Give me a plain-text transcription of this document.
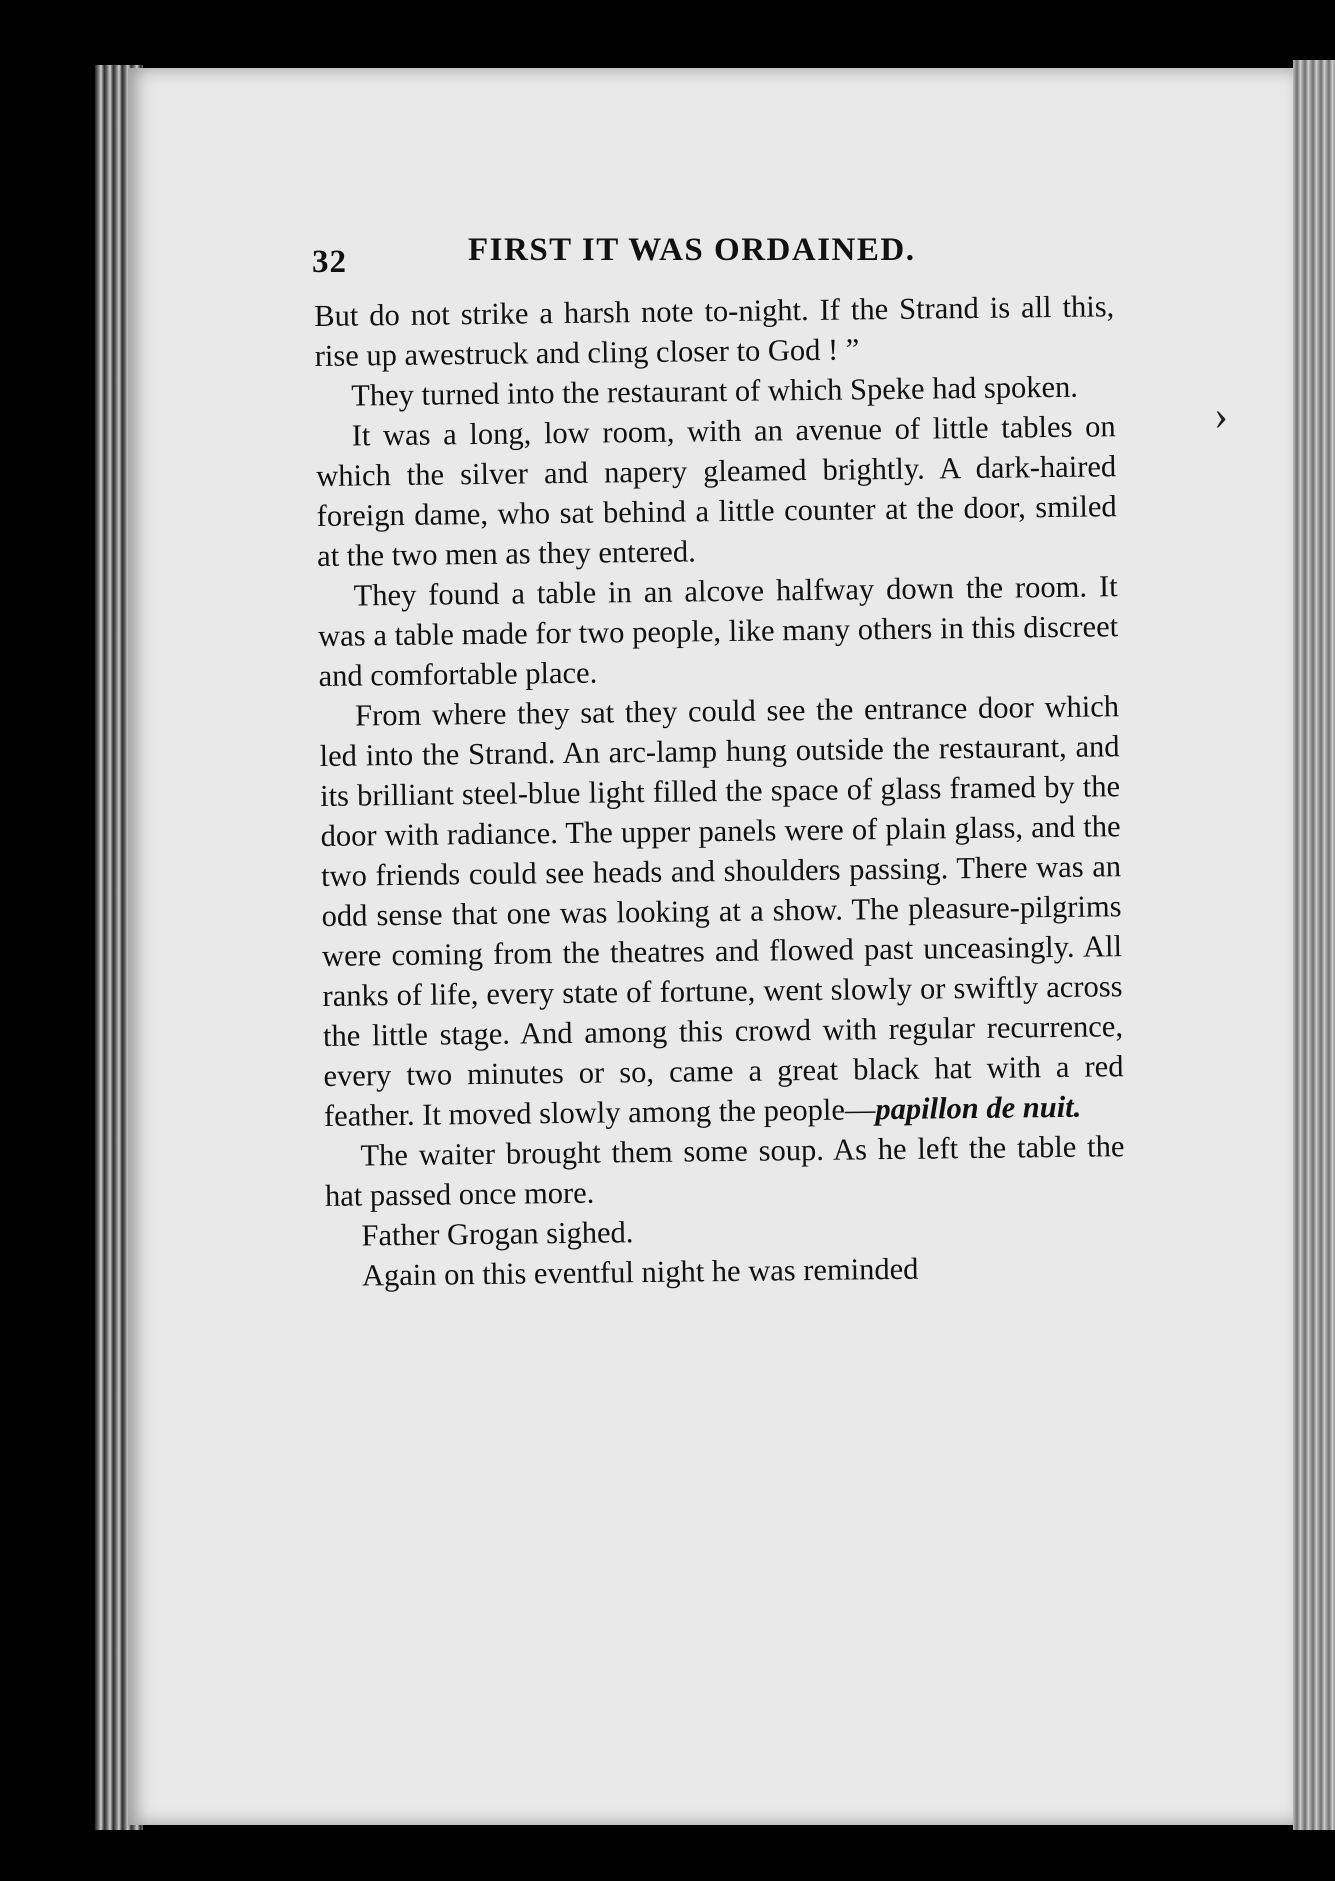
32	FIRST IT WAS ORDAINED.

But do not strike a harsh note to-night. If the Strand is all this, rise up awestruck and cling closer to God ! ”

They turned into the restaurant of which Speke had spoken.

It was a long, low room, with an avenue of little tables on which the silver and napery gleamed brightly. A dark-haired foreign dame, who sat behind a little counter at the door, smiled at the two men as they entered.

They found a table in an alcove halfway down the room. It was a table made for two people, like many others in this discreet and comfortable place.

From where they sat they could see the entrance door which led into the Strand. An arc-lamp hung outside the restaurant, and its brilliant steel-blue light filled the space of glass framed by the door with radiance. The upper panels were of plain glass, and the two friends could see heads and shoulders passing. There was an odd sense that one was looking at a show. The pleasure-pilgrims were coming from the theatres and flowed past unceasingly. All ranks of life, every state of fortune, went slowly or swiftly across the little stage. And among this crowd with regular recurrence, every two minutes or so, came a great black hat with a red feather. It moved slowly among the people—papillon de nuit.

The waiter brought them some soup. As he left the table the hat passed once more.

Father Grogan sighed.

Again on this eventful night he was reminded

›
